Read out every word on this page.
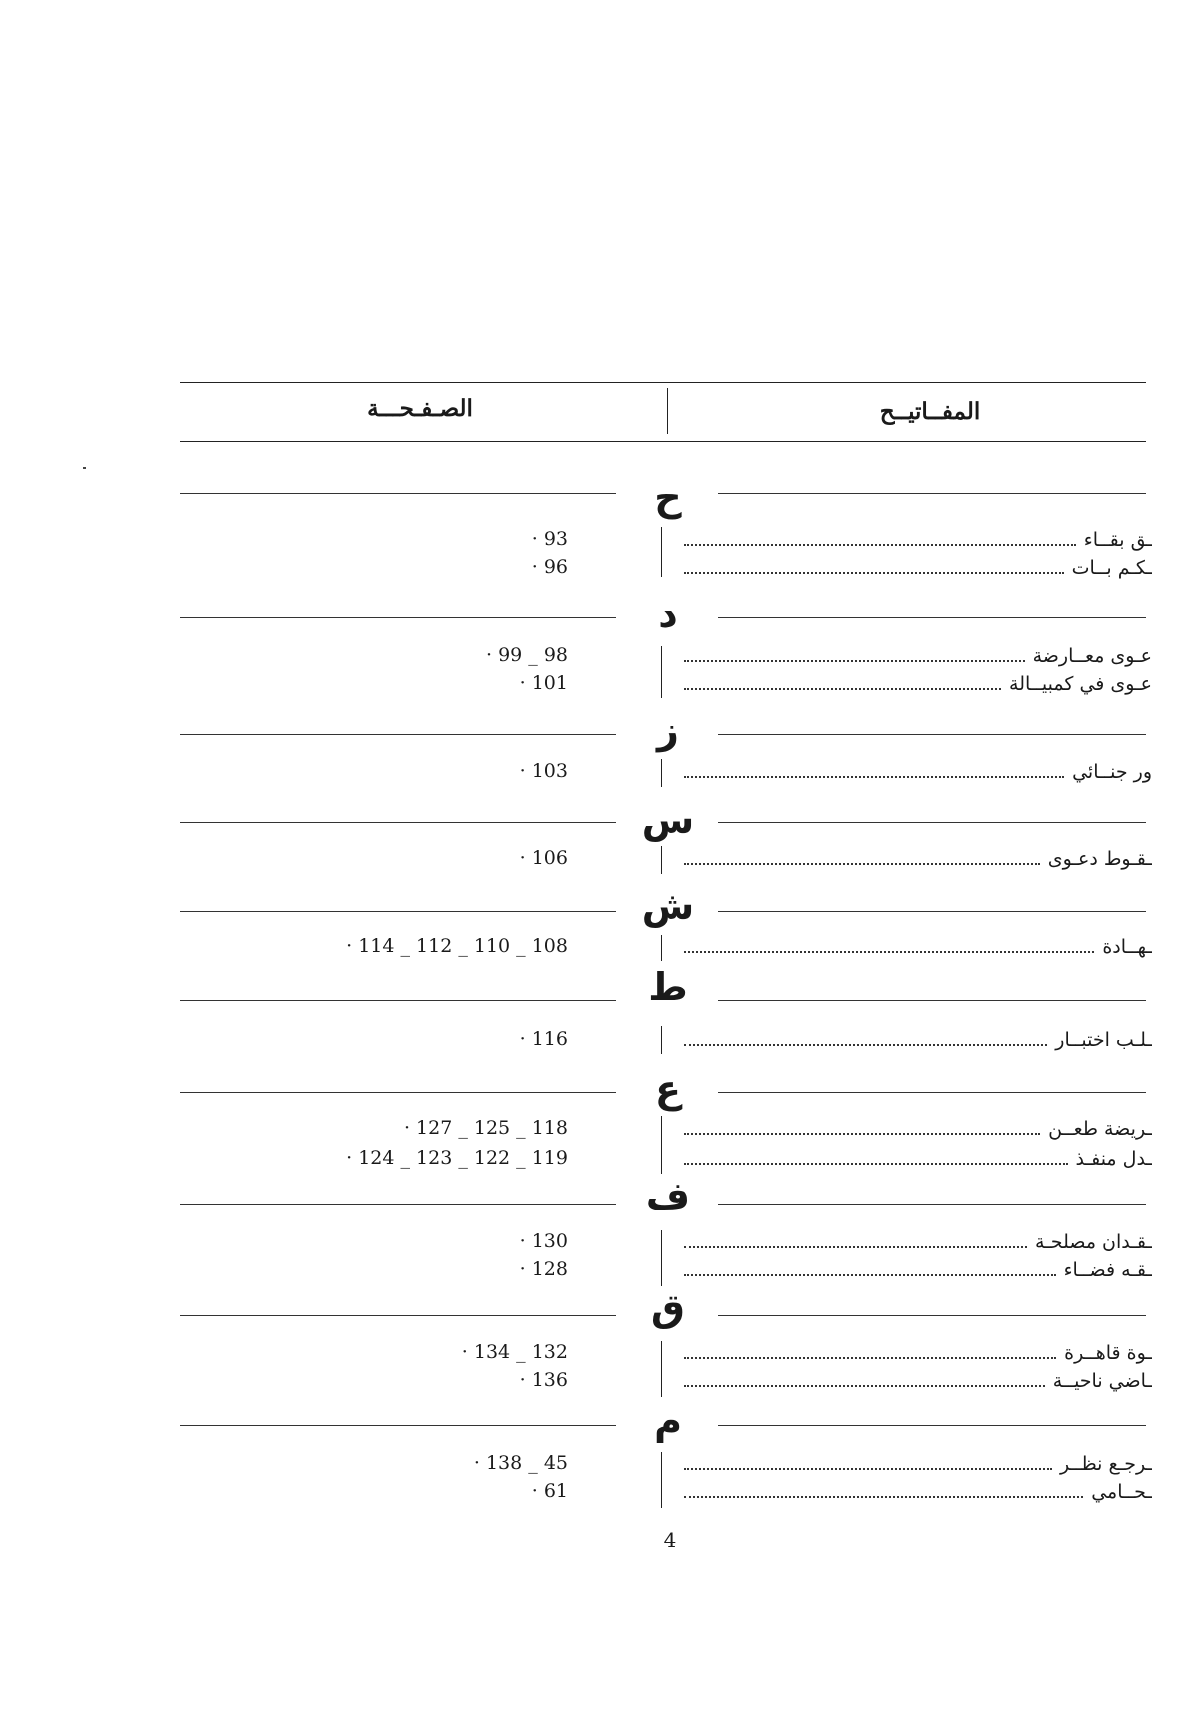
الصـفـحـــة	المفــاتيــح
ح
ـق بقــاء
· 93
ـكـم بــات
· 96
د
عـوى معــارضة
· 99 _ 98
عـوى في كمبيــالة
· 101
ز
ور جنــائي
· 103
س
ـقـوط دعـوى
· 106
ش
ـهــادة
· 114 _ 112 _ 110 _ 108
ط
ـلـب اختبــار
· 116
ع
ـريضة طعــن
· 127 _ 125 _ 118
ـدل منفـذ
· 124 _ 123 _ 122 _ 119
ف
ـقـدان مصلحـة
· 130
ـقـه فضــاء
· 128
ق
ـوة قاهــرة
· 134 _ 132
ـاضي ناحيــة
· 136
م
ـرجـع نظــر
· 138 _ 45
ـحــامي
· 61
4
